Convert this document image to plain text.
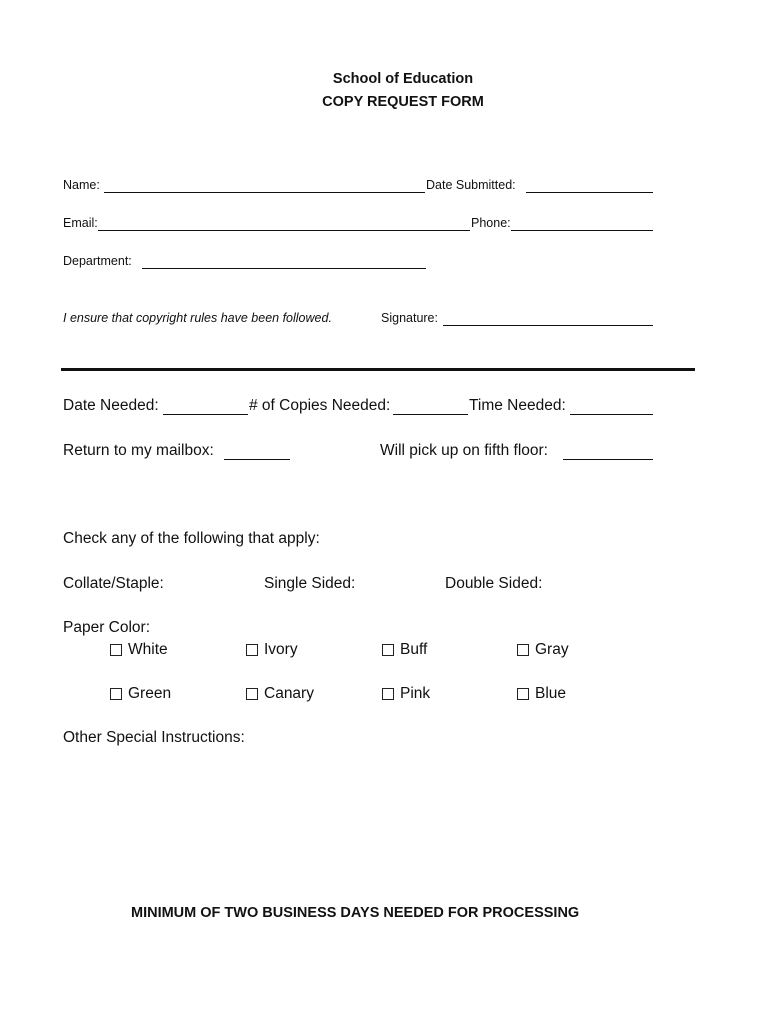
School of Education
COPY REQUEST FORM
Name:	Date Submitted:
Email:	Phone:
Department:
I ensure that copyright rules have been followed.	Signature:
Date Needed:	# of Copies Needed:	Time Needed:
Return to my mailbox:	Will pick up on fifth floor:
Check any of the following that apply:
Collate/Staple:	Single Sided:	Double Sided:
Paper Color:
White	Ivory	Buff	Gray
Green	Canary	Pink	Blue
Other Special Instructions:
MINIMUM OF TWO BUSINESS DAYS NEEDED FOR PROCESSING
